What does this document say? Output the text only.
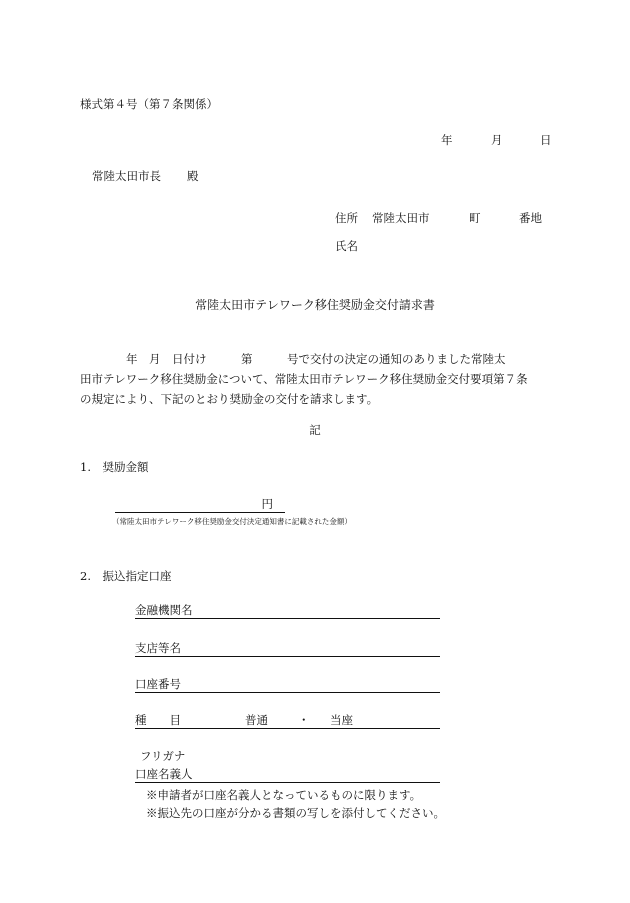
様式第４号（第７条関係）
年	月	日
常陸太田市長 殿
住所 常陸太田市	町	番地
氏名
常陸太田市テレワーク移住奨励金交付請求書
　　　　年　月　日付け　　　第　　　号で交付の決定の通知のありました常陸太
田市テレワーク移住奨励金について、常陸太田市テレワーク移住奨励金交付要項第７条
の規定により、下記のとおり奨励金の交付を請求します。
記
1.　奨励金額
円
（常陸太田市テレワーク移住奨励金交付決定通知書に記載された金額）
2.　振込指定口座
金融機関名
支店等名
口座番号
種　　目	普通	・ 当座
フリガナ
口座名義人
※申請者が口座名義人となっているものに限ります。
※振込先の口座が分かる書類の写しを添付してください。
